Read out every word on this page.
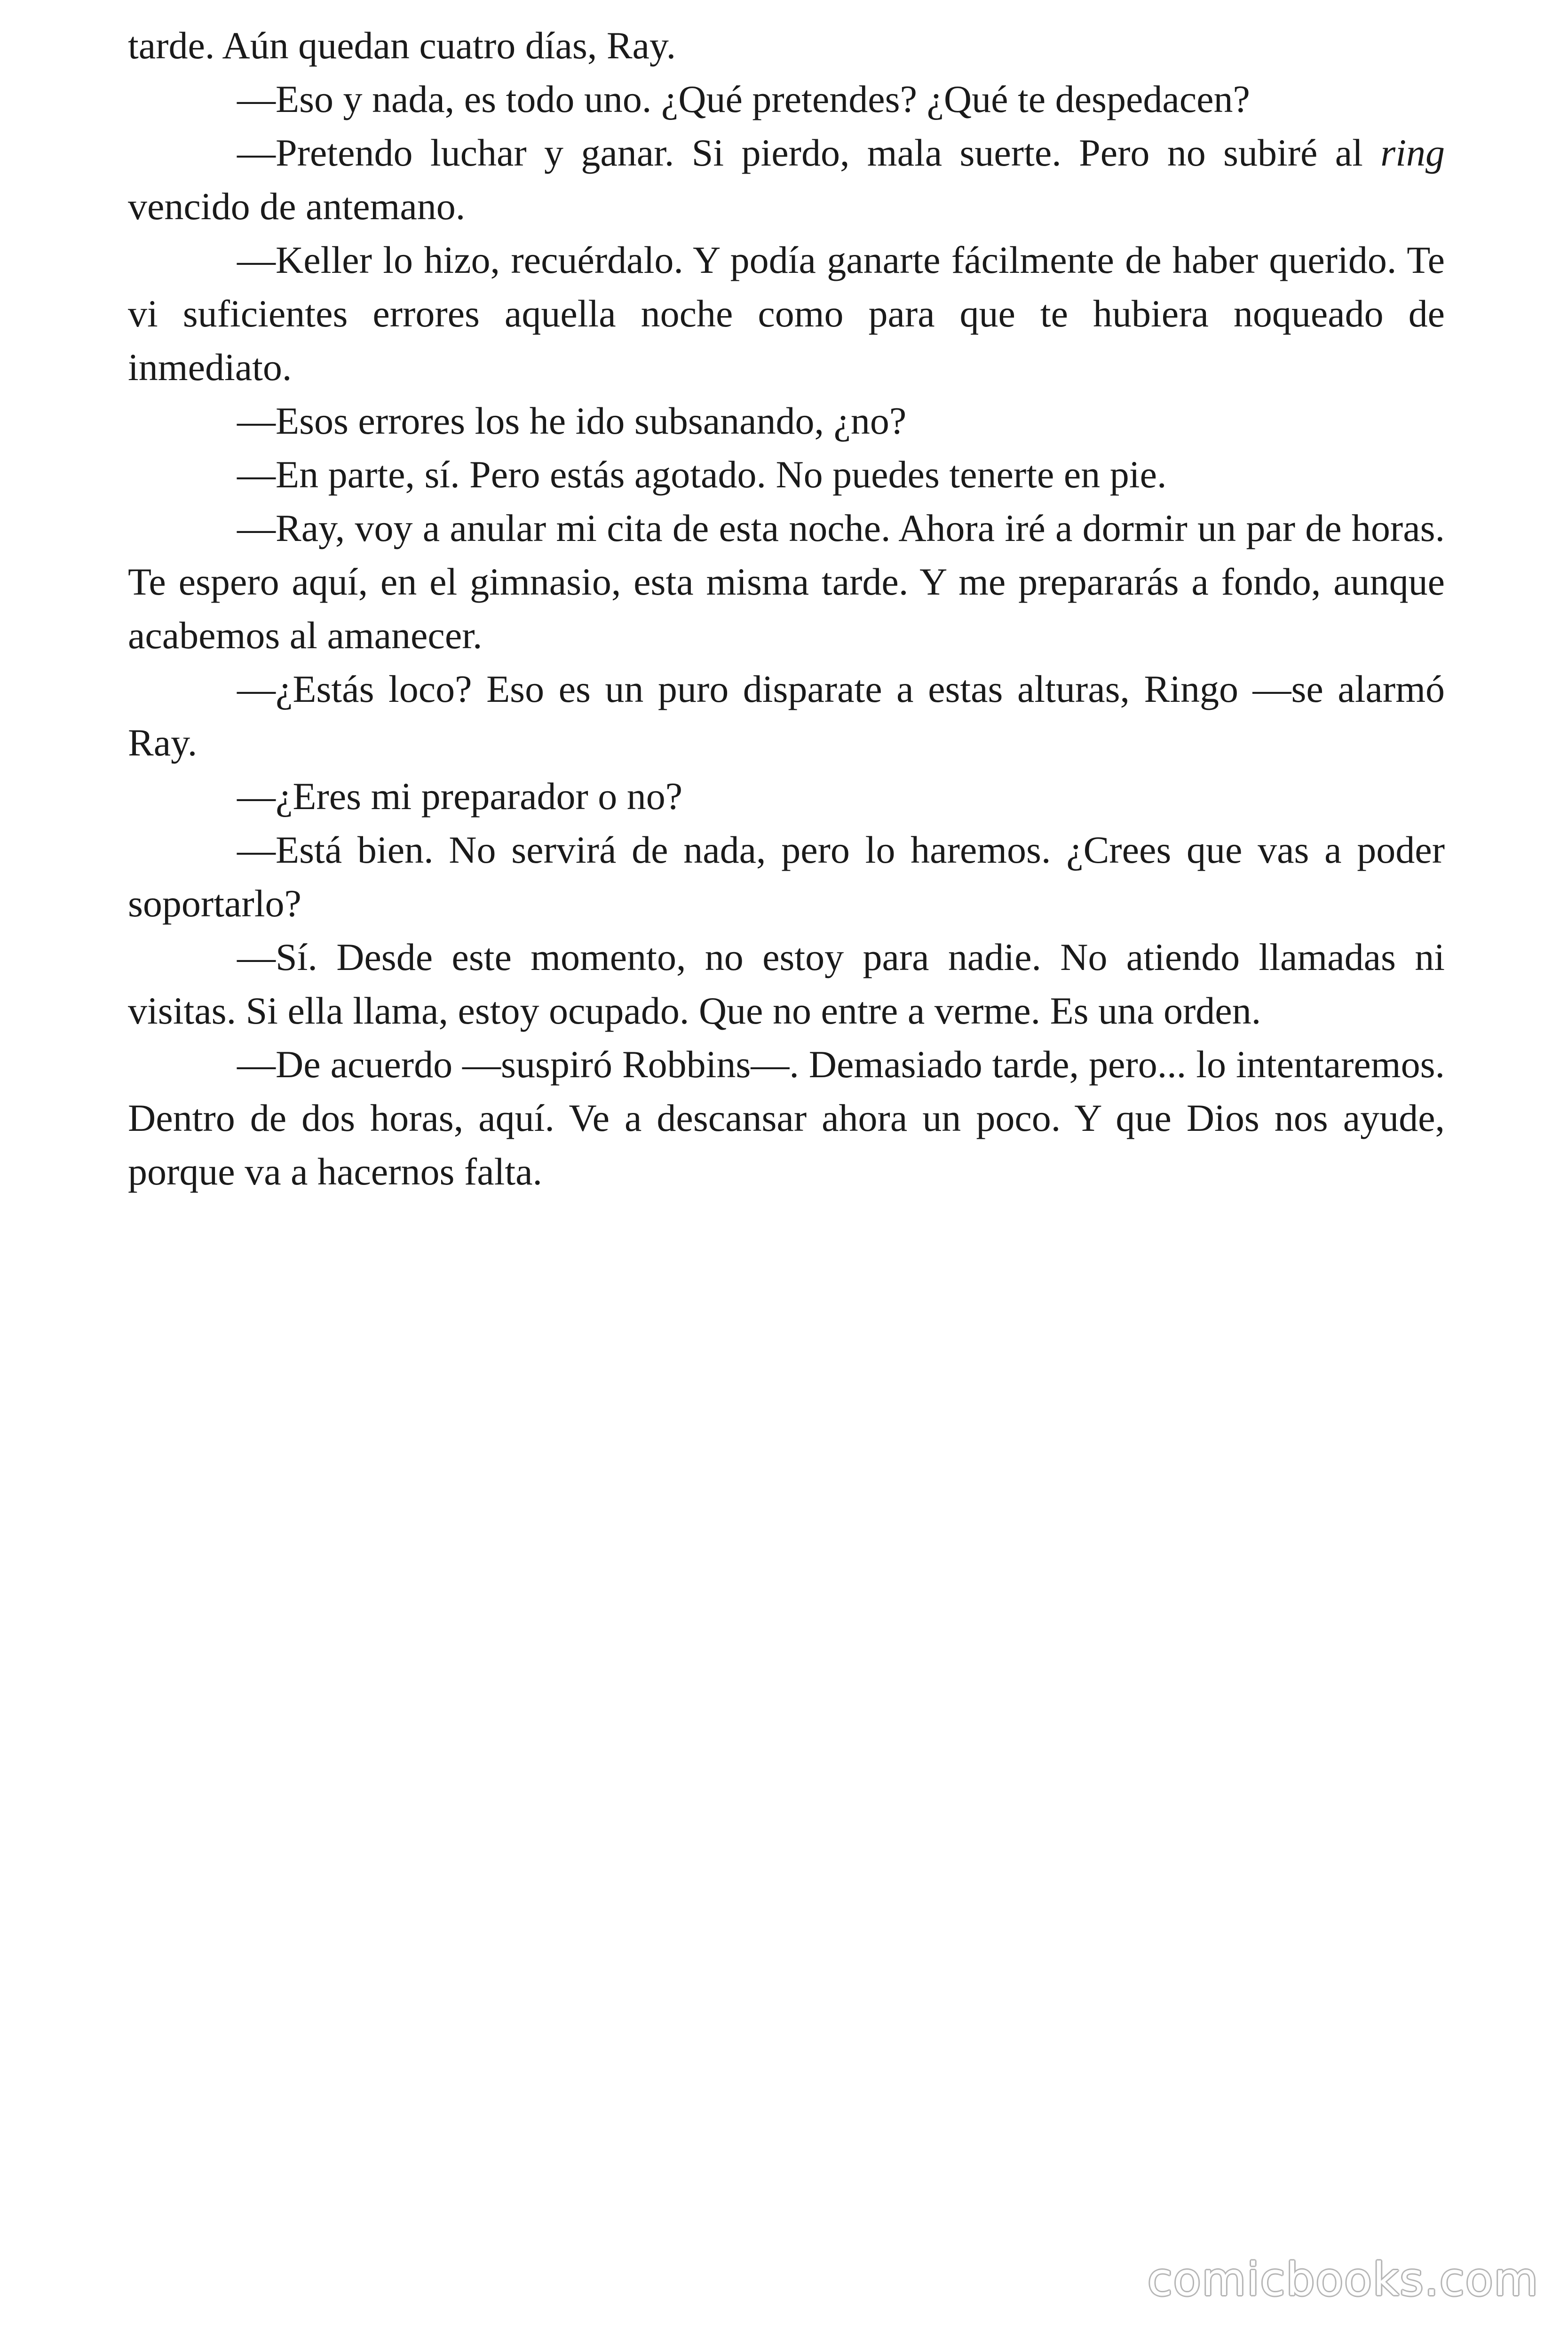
tarde. Aún quedan cuatro días, Ray.

—Eso y nada, es todo uno. ¿Qué pretendes? ¿Qué te despedacen?

—Pretendo luchar y ganar. Si pierdo, mala suerte. Pero no subiré al ring vencido de antemano.

—Keller lo hizo, recuérdalo. Y podía ganarte fácilmente de haber querido. Te vi suficientes errores aquella noche como para que te hubiera noqueado de inmediato.

—Esos errores los he ido subsanando, ¿no?

—En parte, sí. Pero estás agotado. No puedes tenerte en pie.

—Ray, voy a anular mi cita de esta noche. Ahora iré a dormir un par de horas. Te espero aquí, en el gimnasio, esta misma tarde. Y me prepararás a fondo, aunque acabemos al amanecer.

—¿Estás loco? Eso es un puro disparate a estas alturas, Ringo —se alarmó Ray.

—¿Eres mi preparador o no?

—Está bien. No servirá de nada, pero lo haremos. ¿Crees que vas a poder soportarlo?

—Sí. Desde este momento, no estoy para nadie. No atiendo llamadas ni visitas. Si ella llama, estoy ocupado. Que no entre a verme. Es una orden.

—De acuerdo —suspiró Robbins—. Demasiado tarde, pero... lo intentaremos. Dentro de dos horas, aquí. Ve a descansar ahora un poco. Y que Dios nos ayude, porque va a hacernos falta.

comicbooks.com
